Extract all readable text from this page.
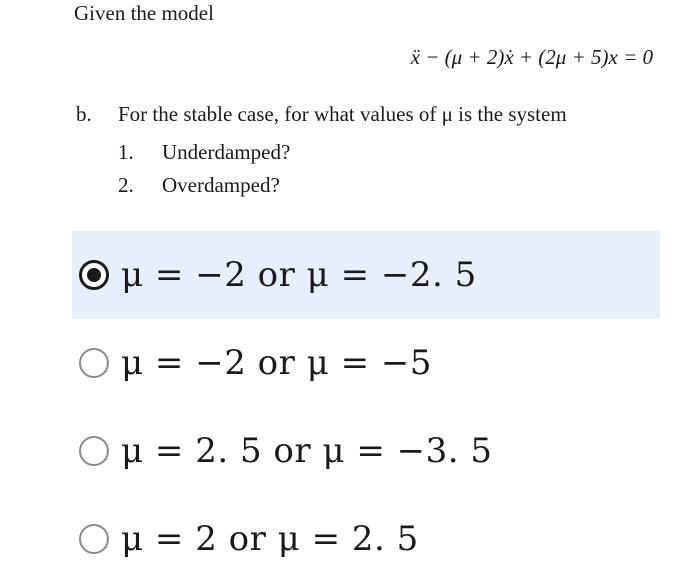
Given the model
ẍ − (μ + 2)ẋ + (2μ + 5)x = 0
b. For the stable case, for what values of μ is the system
1. Underdamped?
2. Overdamped?
μ = −2 or μ = −2. 5
μ = −2 or μ = −5
μ = 2. 5 or μ = −3. 5
μ = 2 or μ = 2. 5
